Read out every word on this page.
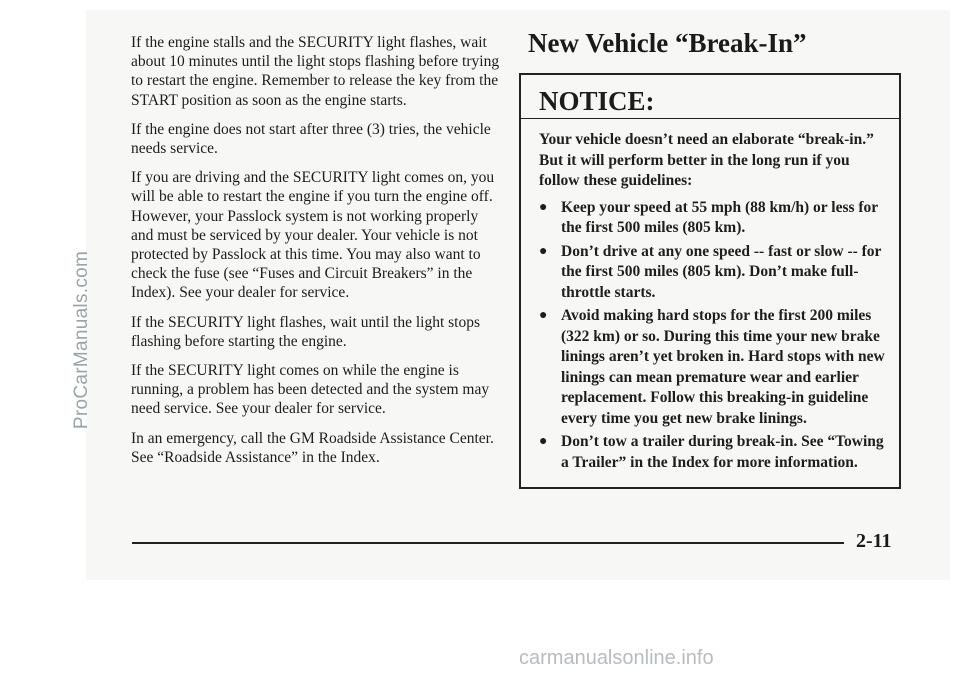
ProCarManuals.com

If the engine stalls and the SECURITY light flashes, wait about 10 minutes until the light stops flashing before trying to restart the engine. Remember to release the key from the START position as soon as the engine starts.

If the engine does not start after three (3) tries, the vehicle needs service.

If you are driving and the SECURITY light comes on, you will be able to restart the engine if you turn the engine off. However, your Passlock system is not working properly and must be serviced by your dealer. Your vehicle is not protected by Passlock at this time. You may also want to check the fuse (see “Fuses and Circuit Breakers” in the Index). See your dealer for service.

If the SECURITY light flashes, wait until the light stops flashing before starting the engine.

If the SECURITY light comes on while the engine is running, a problem has been detected and the system may need service. See your dealer for service.

In an emergency, call the GM Roadside Assistance Center. See “Roadside Assistance” in the Index.

New Vehicle “Break-In”
NOTICE:

Your vehicle doesn’t need an elaborate “break-in.” But it will perform better in the long run if you follow these guidelines:

● Keep your speed at 55 mph (88 km/h) or less for the first 500 miles (805 km).
● Don’t drive at any one speed -- fast or slow -- for the first 500 miles (805 km). Don’t make full-throttle starts.
● Avoid making hard stops for the first 200 miles (322 km) or so. During this time your new brake linings aren’t yet broken in. Hard stops with new linings can mean premature wear and earlier replacement. Follow this breaking-in guideline every time you get new brake linings.
● Don’t tow a trailer during break-in. See “Towing a Trailer” in the Index for more information.
2-11
carmanualsonline.info
